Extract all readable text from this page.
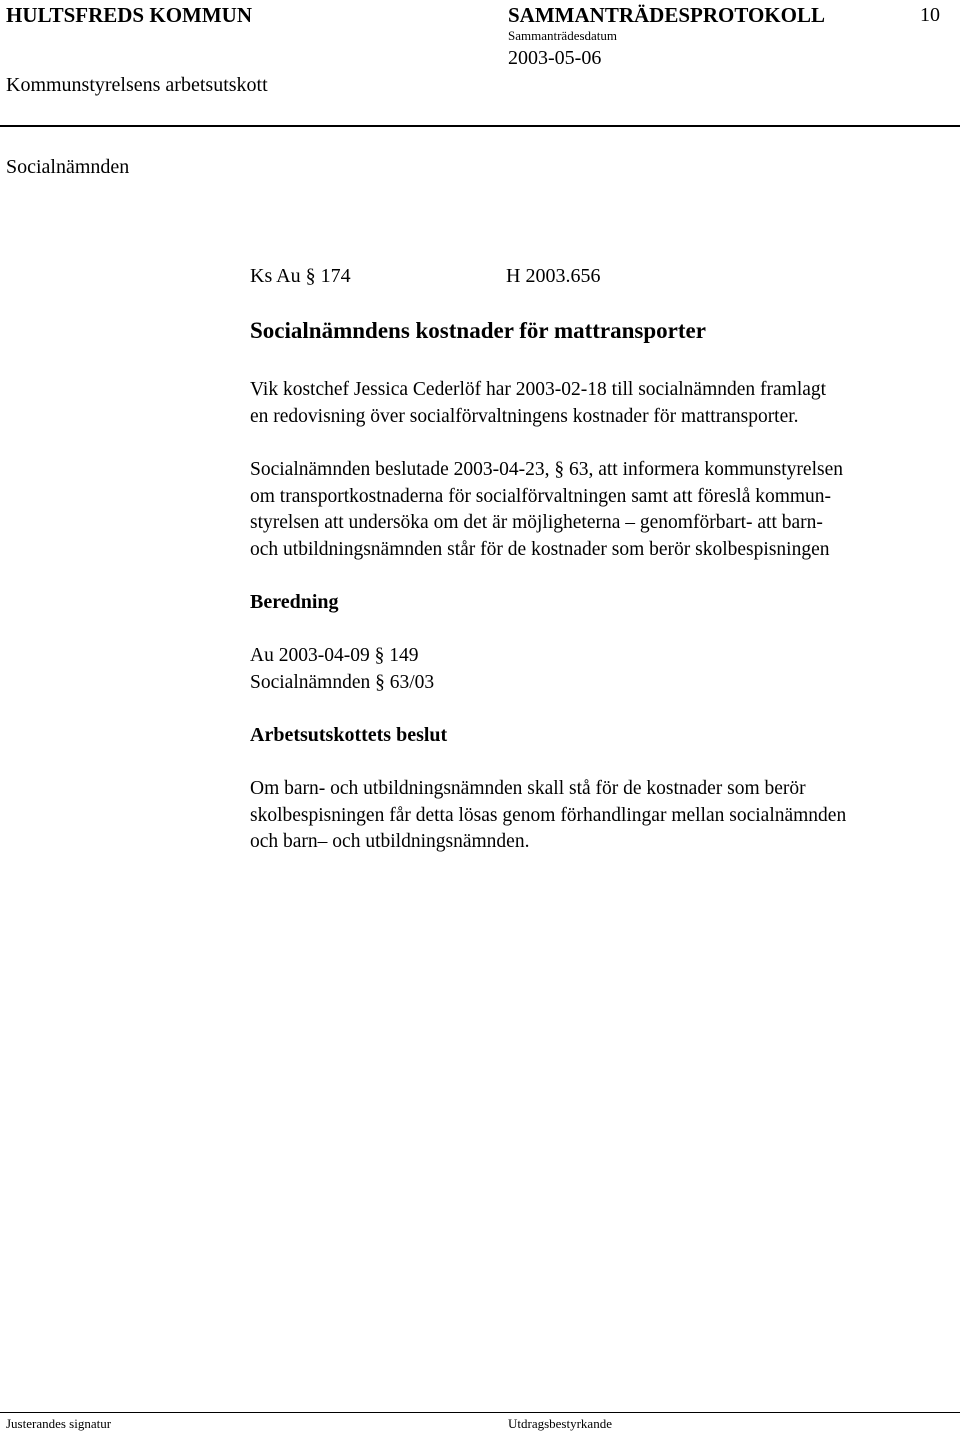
HULTSFREDS KOMMUN	SAMMANTRÄDESPROTOKOLL	10
Sammanträdesdatum
2003-05-06
Kommunstyrelsens arbetsutskott
Socialnämnden
Ks Au § 174	H 2003.656
Socialnämndens kostnader för mattransporter
Vik kostchef Jessica Cederlöf har 2003-02-18 till socialnämnden framlagt
en redovisning över socialförvaltningens kostnader för mattransporter.
Socialnämnden beslutade 2003-04-23, § 63, att informera kommunstyrelsen
om transportkostnaderna för socialförvaltningen samt att föreslå kommun-
styrelsen att undersöka om det är möjligheterna – genomförbart- att barn-
och utbildningsnämnden står för de kostnader som berör skolbespisningen
Beredning
Au 2003-04-09 § 149
Socialnämnden § 63/03
Arbetsutskottets beslut
Om barn- och utbildningsnämnden skall stå för de kostnader som berör
skolbespisningen får detta lösas genom förhandlingar mellan socialnämnden
och barn– och utbildningsnämnden.
Justerandes signatur	Utdragsbestyrkande
